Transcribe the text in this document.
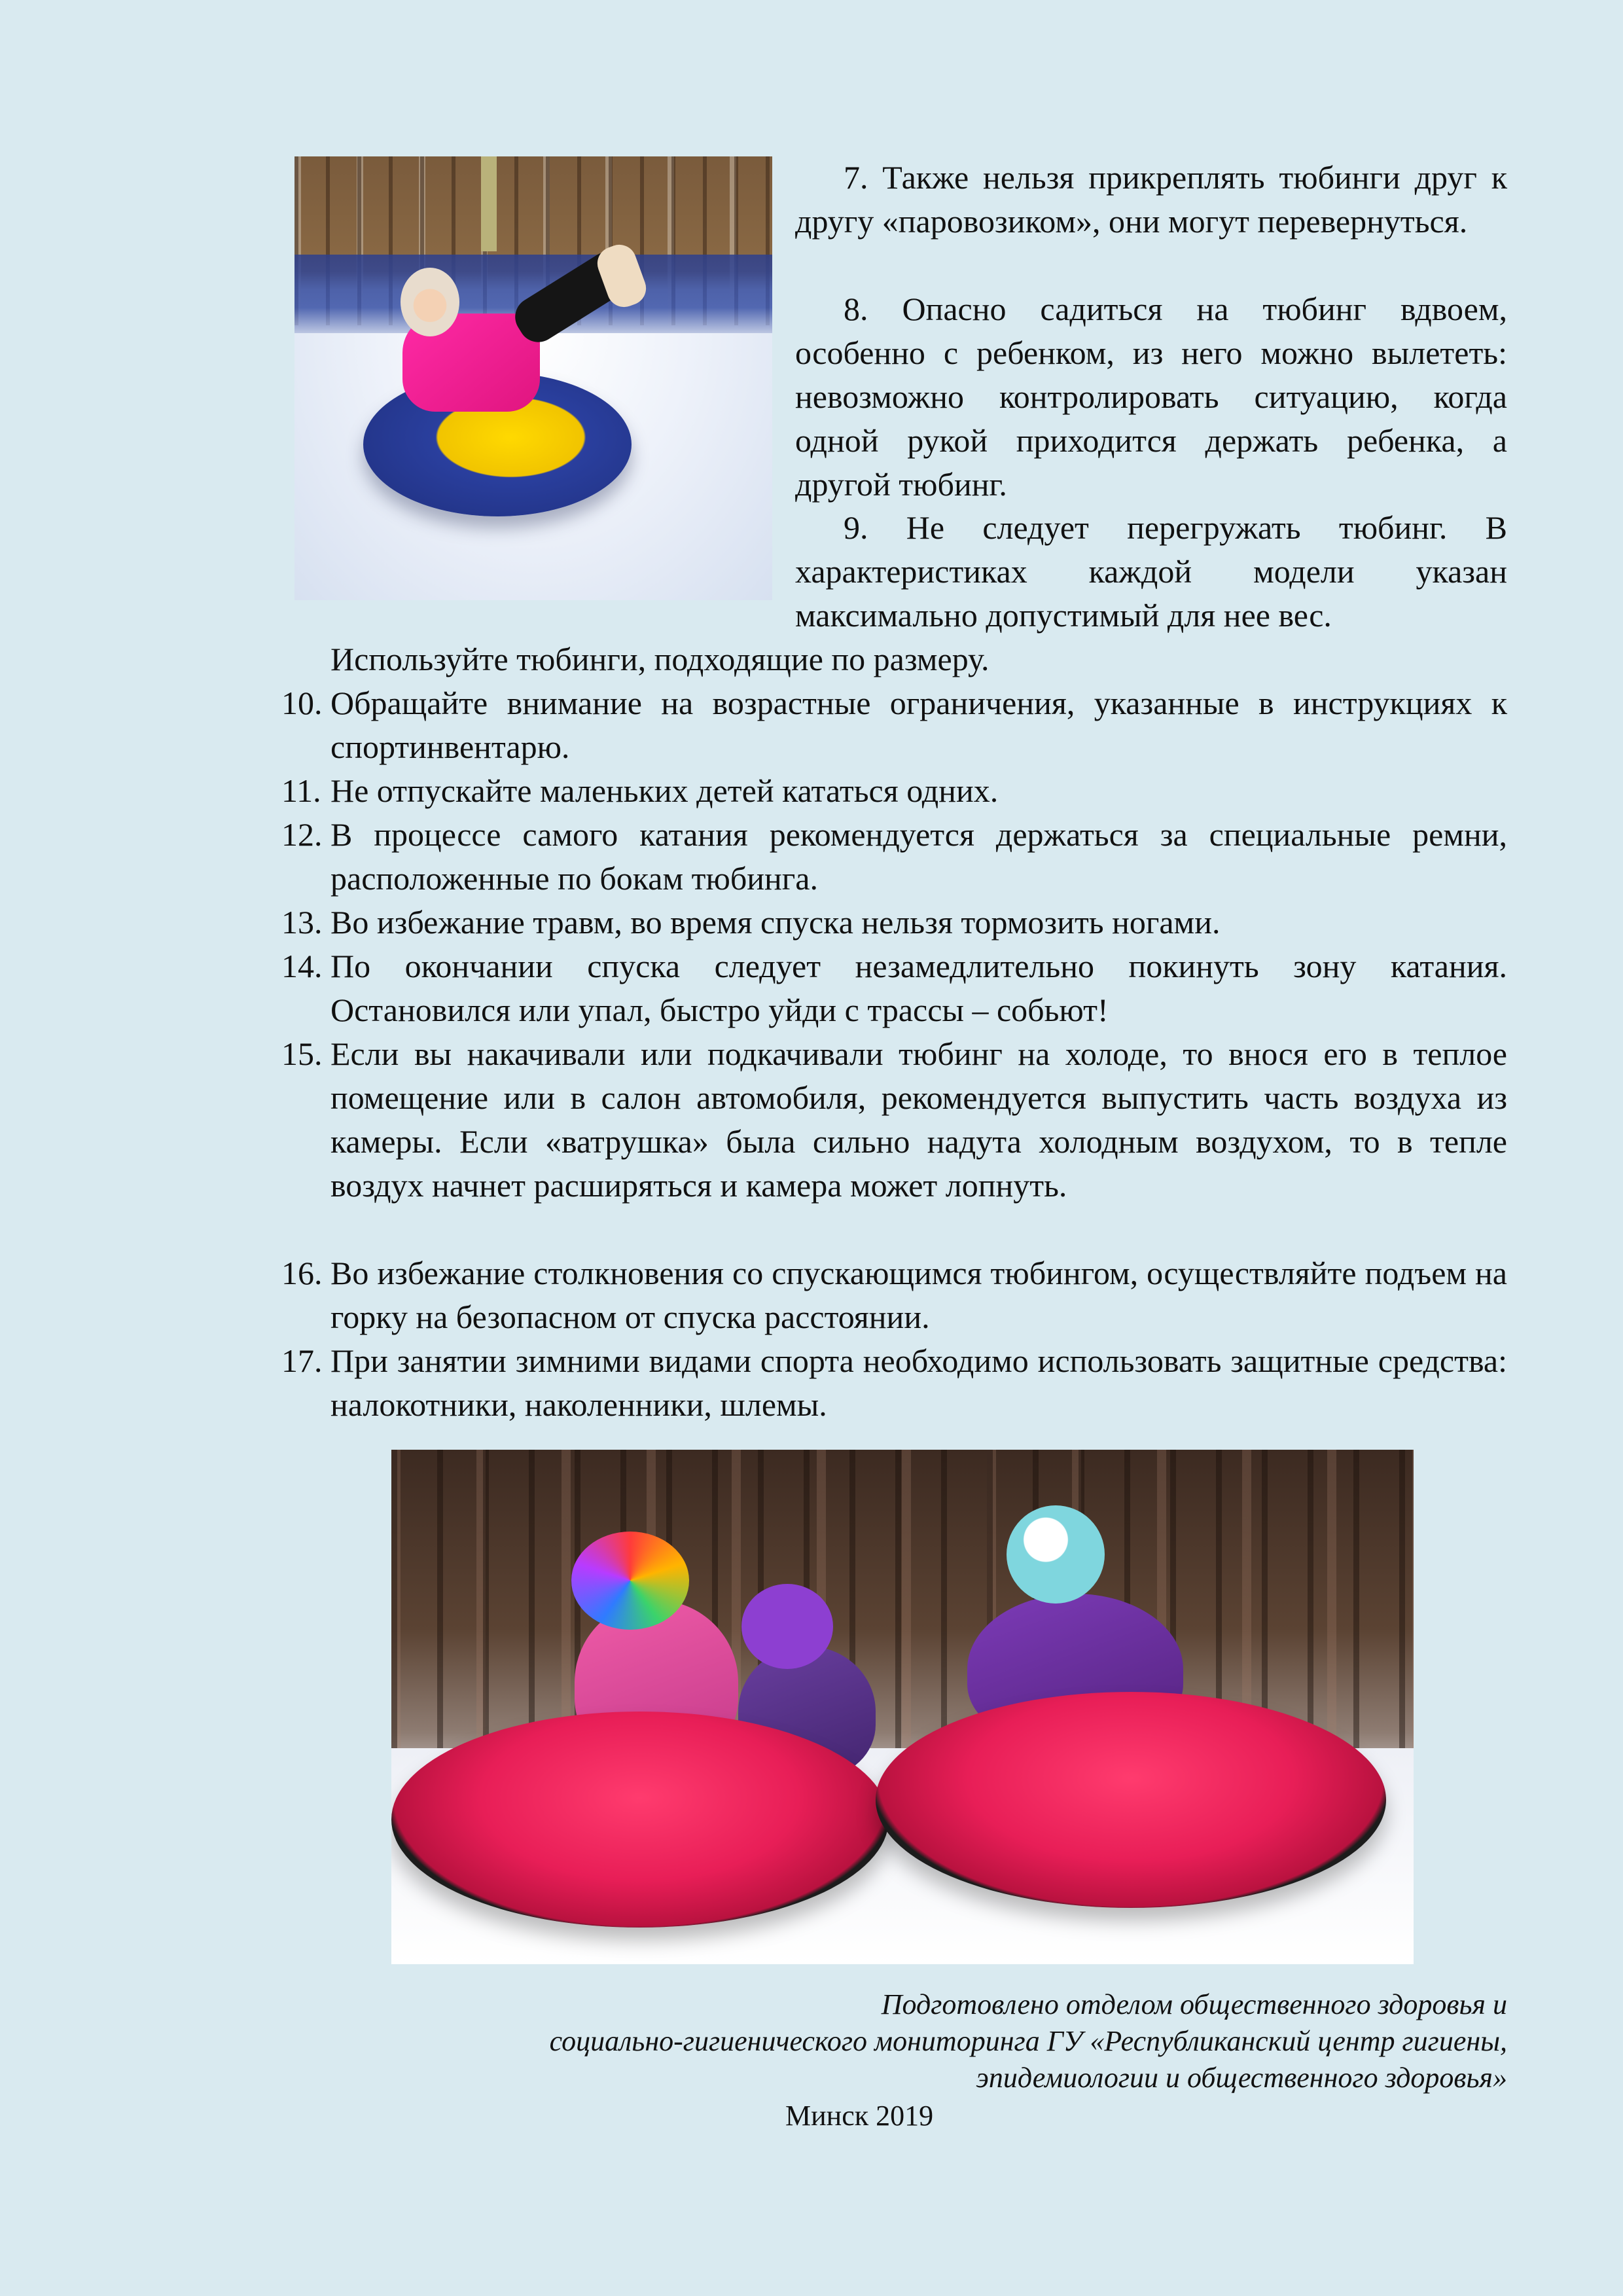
7. Также нельзя прикреплять тюбинги друг к другу «паровозиком», они могут перевернуться.

8. Опасно садиться на тюбинг вдвоем, особенно с ребенком, из него можно вылететь: невозможно контролировать ситуацию, когда одной рукой приходится держать ребенка, а другой тюбинг.

9. Не следует перегружать тюбинг. В характеристиках каждой модели указан максимально допустимый для нее вес.

Используйте тюбинги, подходящие по размеру.

10. Обращайте внимание на возрастные ограничения, указанные в инструкциях к спортинвентарю.

11. Не отпускайте маленьких детей кататься одних.

12. В процессе самого катания рекомендуется держаться за специальные ремни, расположенные по бокам тюбинга.

13. Во избежание травм, во время спуска нельзя тормозить ногами.

14. По окончании спуска следует незамедлительно покинуть зону катания. Остановился или упал, быстро уйди с трассы – собьют!

15. Если вы накачивали или подкачивали тюбинг на холоде, то внося его в теплое помещение или в салон автомобиля, рекомендуется выпустить часть воздуха из камеры. Если «ватрушка» была сильно надута холодным воздухом, то в тепле воздух начнет расширяться и камера может лопнуть.

16. Во избежание столкновения со спускающимся тюбингом, осуществляйте подъем на горку на безопасном от спуска расстоянии.

17. При занятии зимними видами спорта необходимо использовать защитные средства: налокотники, наколенники, шлемы.

Подготовлено отделом общественного здоровья и
социально-гигиенического мониторинга ГУ «Республиканский центр гигиены,
эпидемиологии и общественного здоровья»
Минск 2019
